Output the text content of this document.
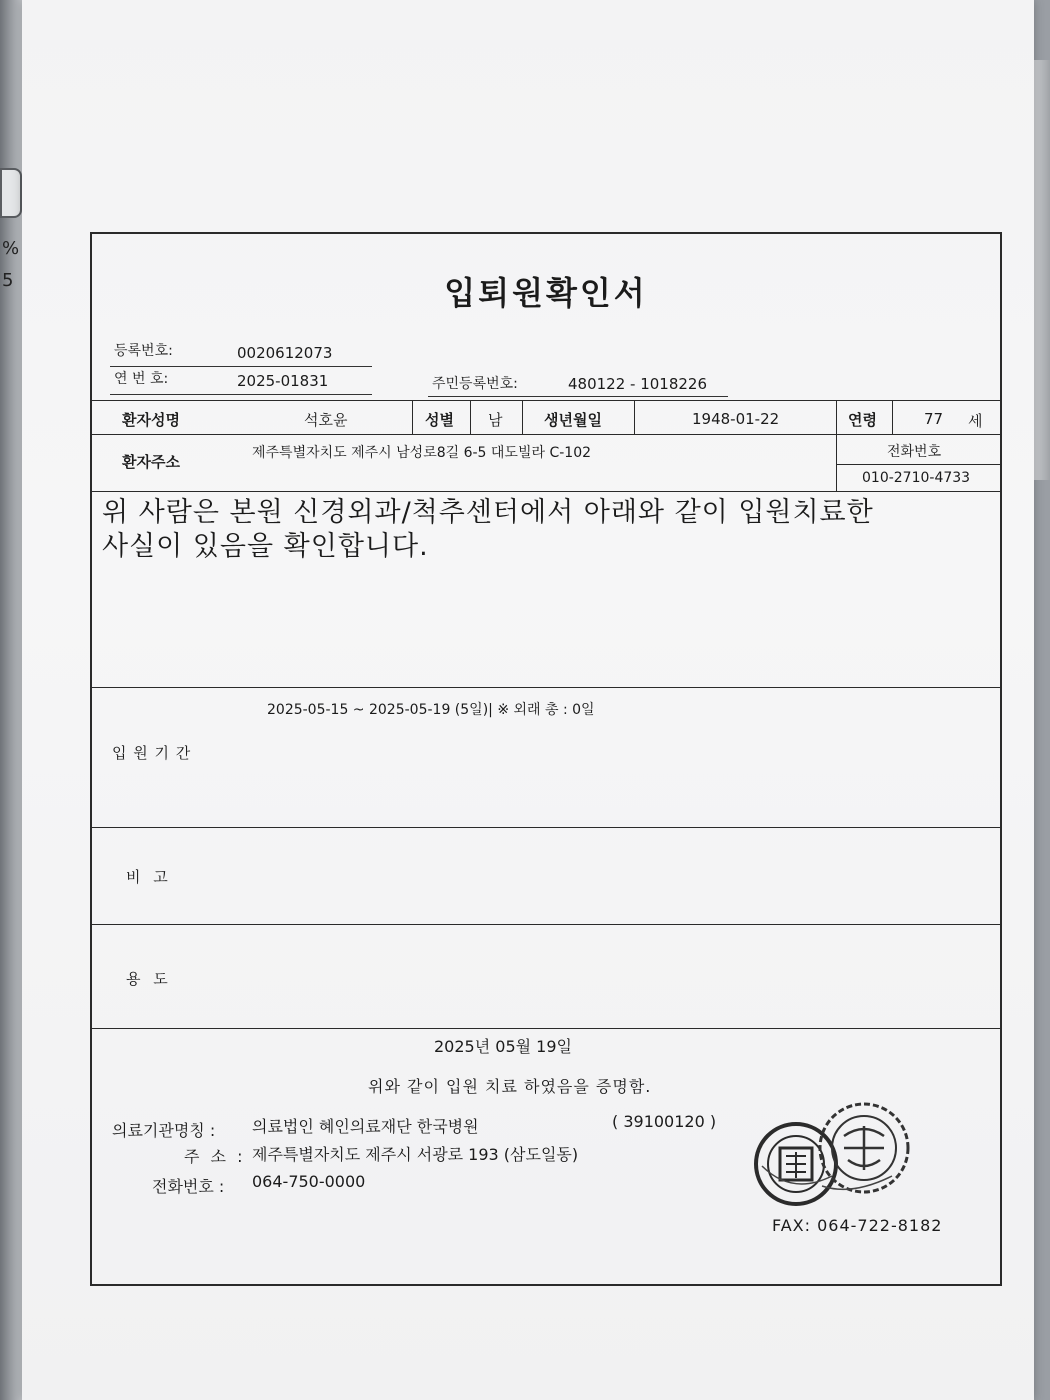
%
5	입퇴원확인서
등록번호:	0020612073
연 번 호:	2025-01831	주민등록번호:	480122 - 1018226
환자성명	석호윤	성별 남	생년월일	1948-01-22	연령	77 세
환자주소	제주특별자치도 제주시 남성로8길 6-5 대도빌라 C-102	전화번호
010-2710-4733
위 사람은 본원 신경외과/척추센터에서 아래와 같이 입원치료한
사실이 있음을 확인합니다.
2025-05-15 ~ 2025-05-19 (5일)| ※ 외래 총 : 0일
입 원 기 간
비 고
용 도
2025년 05월 19일
위와 같이 입원 치료 하였음을 증명함.
의료기관명칭 : 의료법인 혜인의료재단 한국병원	( 39100120 )
주 소 : 제주특별자치도 제주시 서광로 193 (삼도일동)
전화번호 : 064-750-0000
FAX: 064-722-8182
